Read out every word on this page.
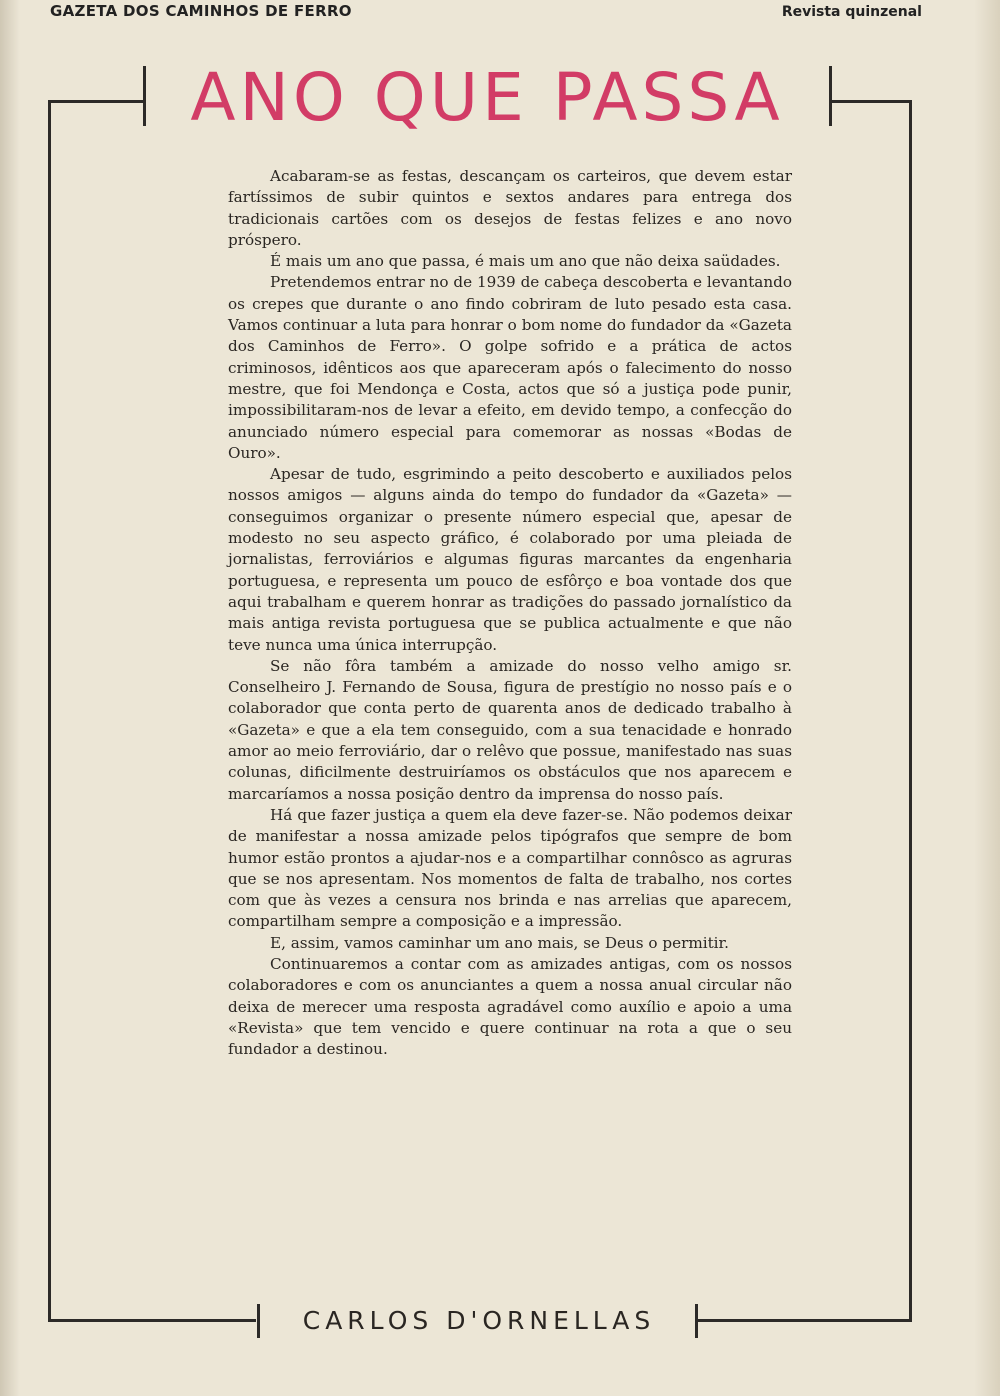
GAZETA DOS CAMINHOS DE FERRO	Revista quinzenal
ANO QUE PASSA

Acabaram-se as festas, descançam os carteiros, que devem estar fartíssimos de subir quintos e sextos andares para entrega dos tradicionais cartões com os desejos de festas felizes e ano novo próspero.

É mais um ano que passa, é mais um ano que não deixa saüdades.

Pretendemos entrar no de 1939 de cabeça descoberta e levantando os crepes que durante o ano findo cobriram de luto pesado esta casa. Vamos continuar a luta para honrar o bom nome do fundador da «Gazeta dos Caminhos de Ferro». O golpe sofrido e a prática de actos criminosos, idênticos aos que apareceram após o falecimento do nosso mestre, que foi Mendonça e Costa, actos que só a justiça pode punir, impossibilitaram-nos de levar a efeito, em devido tempo, a confecção do anunciado número especial para comemorar as nossas «Bodas de Ouro».

Apesar de tudo, esgrimindo a peito descoberto e auxiliados pelos nossos amigos — alguns ainda do tempo do fundador da «Gazeta» — conseguimos organizar o presente número especial que, apesar de modesto no seu aspecto gráfico, é colaborado por uma pleiada de jornalistas, ferroviários e algumas figuras marcantes da engenharia portuguesa, e representa um pouco de esfôrço e boa vontade dos que aqui trabalham e querem honrar as tradições do passado jornalístico da mais antiga revista portuguesa que se publica actualmente e que não teve nunca uma única interrupção.

Se não fôra também a amizade do nosso velho amigo sr. Conselheiro J. Fernando de Sousa, figura de prestígio no nosso país e o colaborador que conta perto de quarenta anos de dedicado trabalho à «Gazeta» e que a ela tem conseguido, com a sua tenacidade e honrado amor ao meio ferroviário, dar o relêvo que possue, manifestado nas suas colunas, dificilmente destruiríamos os obstáculos que nos aparecem e marcaríamos a nossa posição dentro da imprensa do nosso país.

Há que fazer justiça a quem ela deve fazer-se. Não podemos deixar de manifestar a nossa amizade pelos tipógrafos que sempre de bom humor estão prontos a ajudar-nos e a compartilhar connôsco as agruras que se nos apresentam. Nos momentos de falta de trabalho, nos cortes com que às vezes a censura nos brinda e nas arrelias que aparecem, compartilham sempre a composição e a impressão.

E, assim, vamos caminhar um ano mais, se Deus o permitir.

Continuaremos a contar com as amizades antigas, com os nossos colaboradores e com os anunciantes a quem a nossa anual circular não deixa de merecer uma resposta agradável como auxílio e apoio a uma «Revista» que tem vencido e quere continuar na rota a que o seu fundador a destinou.

CARLOS D'ORNELLAS
